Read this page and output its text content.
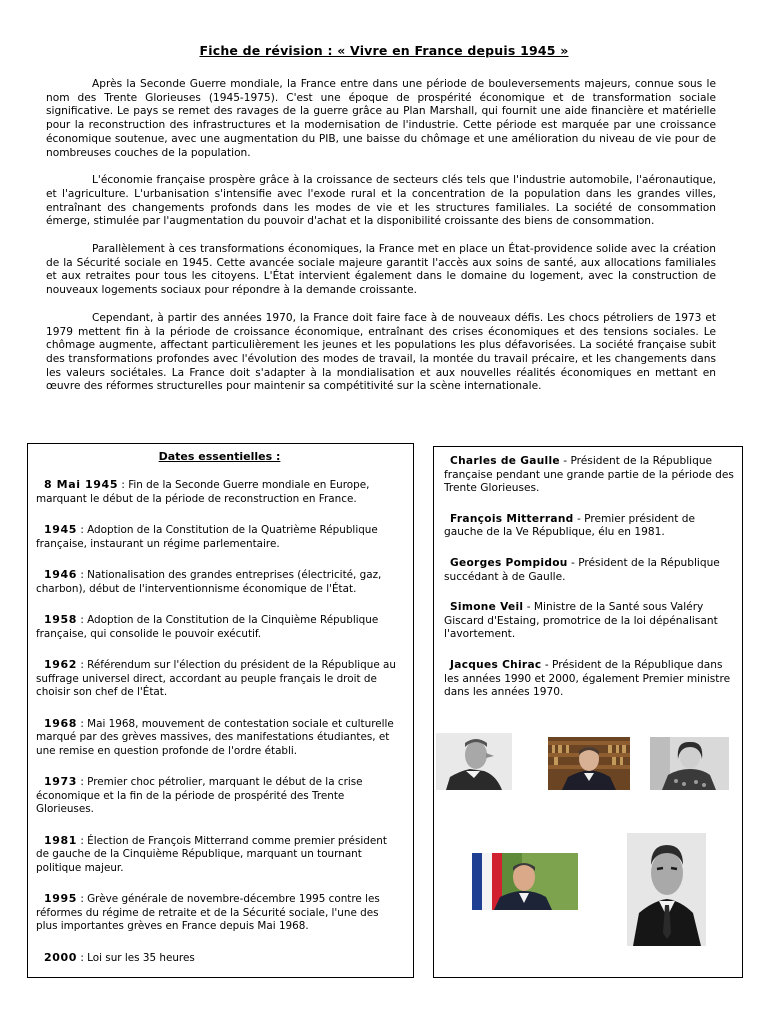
Fiche de révision : « Vivre en France depuis 1945 »

Après la Seconde Guerre mondiale, la France entre dans une période de bouleversements majeurs, connue sous le nom des Trente Glorieuses (1945-1975). C'est une époque de prospérité économique et de transformation sociale significative. Le pays se remet des ravages de la guerre grâce au Plan Marshall, qui fournit une aide financière et matérielle pour la reconstruction des infrastructures et la modernisation de l'industrie. Cette période est marquée par une croissance économique soutenue, avec une augmentation du PIB, une baisse du chômage et une amélioration du niveau de vie pour de nombreuses couches de la population.

L'économie française prospère grâce à la croissance de secteurs clés tels que l'industrie automobile, l'aéronautique, et l'agriculture. L'urbanisation s'intensifie avec l'exode rural et la concentration de la population dans les grandes villes, entraînant des changements profonds dans les modes de vie et les structures familiales. La société de consommation émerge, stimulée par l'augmentation du pouvoir d'achat et la disponibilité croissante des biens de consommation.

Parallèlement à ces transformations économiques, la France met en place un État-providence solide avec la création de la Sécurité sociale en 1945. Cette avancée sociale majeure garantit l'accès aux soins de santé, aux allocations familiales et aux retraites pour tous les citoyens. L'État intervient également dans le domaine du logement, avec la construction de nouveaux logements sociaux pour répondre à la demande croissante.

Cependant, à partir des années 1970, la France doit faire face à de nouveaux défis. Les chocs pétroliers de 1973 et 1979 mettent fin à la période de croissance économique, entraînant des crises économiques et des tensions sociales. Le chômage augmente, affectant particulièrement les jeunes et les populations les plus défavorisées. La société française subit des transformations profondes avec l'évolution des modes de travail, la montée du travail précaire, et les changements dans les valeurs sociétales. La France doit s'adapter à la mondialisation et aux nouvelles réalités économiques en mettant en œuvre des réformes structurelles pour maintenir sa compétitivité sur la scène internationale.

Dates essentielles :
8 Mai 1945 : Fin de la Seconde Guerre mondiale en Europe, marquant le début de la période de reconstruction en France.
1945 : Adoption de la Constitution de la Quatrième République française, instaurant un régime parlementaire.
1946 : Nationalisation des grandes entreprises (électricité, gaz, charbon), début de l'interventionnisme économique de l'État.
1958 : Adoption de la Constitution de la Cinquième République française, qui consolide le pouvoir exécutif.
1962 : Référendum sur l'élection du président de la République au suffrage universel direct, accordant au peuple français le droit de choisir son chef de l'État.
1968 : Mai 1968, mouvement de contestation sociale et culturelle marqué par des grèves massives, des manifestations étudiantes, et une remise en question profonde de l'ordre établi.
1973 : Premier choc pétrolier, marquant le début de la crise économique et la fin de la période de prospérité des Trente Glorieuses.
1981 : Élection de François Mitterrand comme premier président de gauche de la Cinquième République, marquant un tournant politique majeur.
1995 : Grève générale de novembre-décembre 1995 contre les réformes du régime de retraite et de la Sécurité sociale, l'une des plus importantes grèves en France depuis Mai 1968.
2000 : Loi sur les 35 heures
Charles de Gaulle - Président de la République française pendant une grande partie de la période des Trente Glorieuses.
François Mitterrand - Premier président de gauche de la Ve République, élu en 1981.
Georges Pompidou - Président de la République succédant à de Gaulle.
Simone Veil - Ministre de la Santé sous Valéry Giscard d'Estaing, promotrice de la loi dépénalisant l'avortement.
Jacques Chirac - Président de la République dans les années 1990 et 2000, également Premier ministre dans les années 1970.
